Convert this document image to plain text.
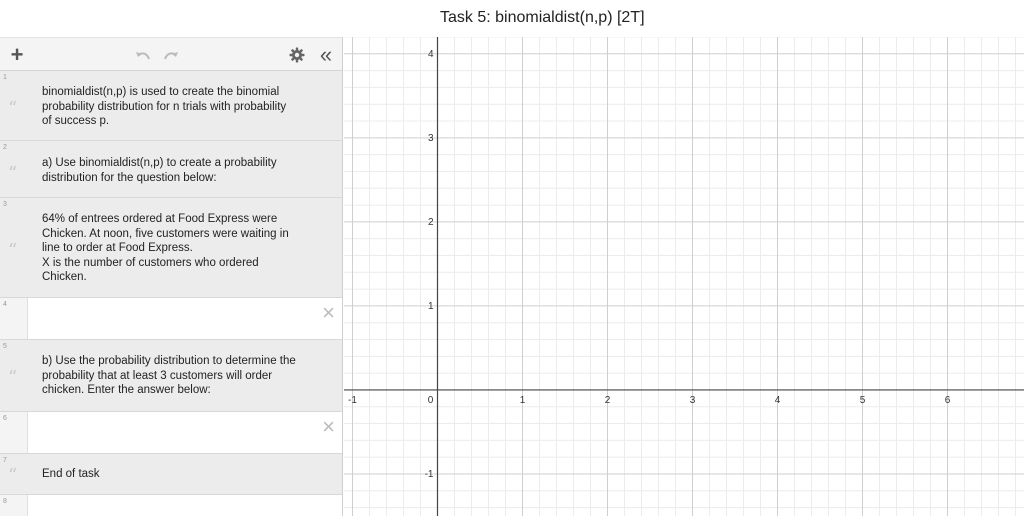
Task 5: binomialdist(n,p) [2T]
+	«
1
“
binomialdist(n,p) is used to create the binomial
probability distribution for n trials with probability
of success p.
2
“ a) Use binomialdist(n,p) to create a probability
distribution for the question below:
3
“
64% of entrees ordered at Food Express were
Chicken. At noon, five customers were waiting in
line to order at Food Express.
X is the number of customers who ordered
Chicken.
4	×
5
“
b) Use the probability distribution to determine the
probability that at least 3 customers will order
chicken. Enter the answer below:
6	×
7
“ End of task
8
-1	0	1	2	3	4	5	6
-1
1
2
3
4
